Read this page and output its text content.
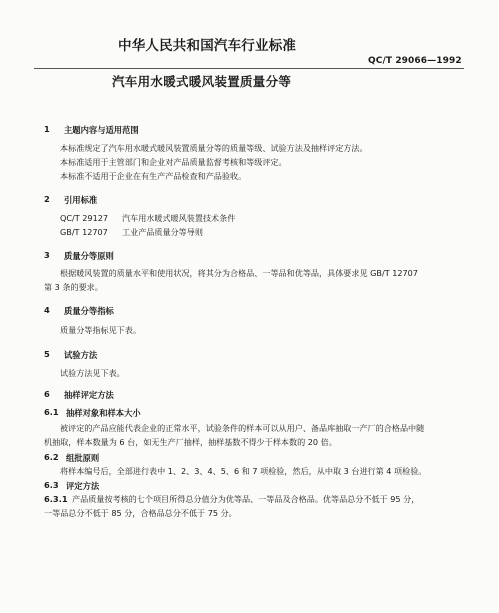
中华人民共和国汽车行业标准
QC/T 29066—1992
汽车用水暖式暖风装置质量分等
1 主题内容与适用范围
本标准规定了汽车用水暖式暖风装置质量分等的质量等级、试验方法及抽样评定方法。
本标准适用于主管部门和企业对产品质量监督考核和等级评定。
本标准不适用于企业在有生产产品检查和产品验收。
2 引用标准
QC/T 29127 汽车用水暖式暖风装置技术条件
GB/T 12707 工业产品质量分等导则
3 质量分等原则
根据暖风装置的质量水平和使用状况，将其分为合格品、一等品和优等品，具体要求见 GB/T 12707
第 3 条的要求。
4 质量分等指标
质量分等指标见下表。
5 试验方法
试验方法见下表。
6 抽样评定方法
6.1 抽样对象和样本大小
被评定的产品应能代表企业的正常水平，试验条件的样本可以从用户、备品库抽取一产厂的合格品中随
机抽取，样本数量为 6 台，如无生产厂抽样，抽样基数不得少于样本数的 20 倍。
6.2 组批原则
将样本编号后，全部进行表中 1、2、3、4、5、6 和 7 项检验，然后，从中取 3 台进行第 4 项检验。
6.3 评定方法
6.3.1 产品质量按考核的七个项目所得总分值分为优等品、一等品及合格品。优等品总分不低于 95 分，
一等品总分不低于 85 分，合格品总分不低于 75 分。
